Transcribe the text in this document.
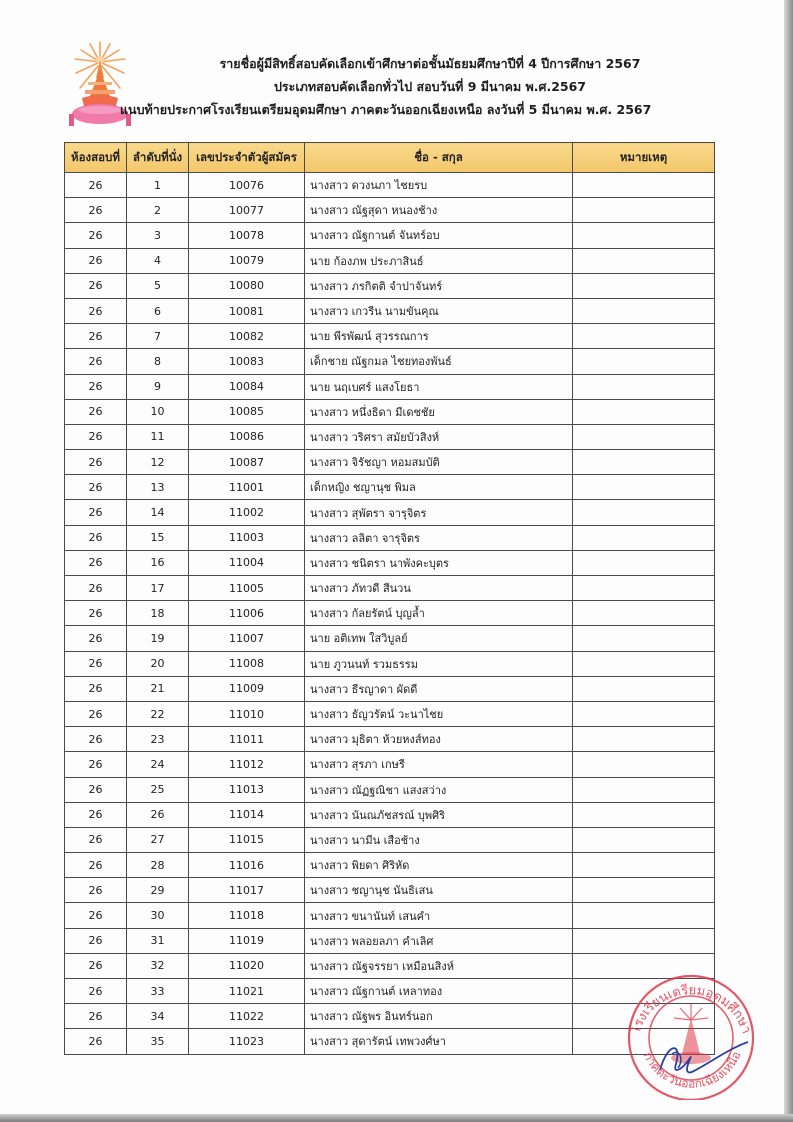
รายชื่อผู้มีสิทธิ์สอบคัดเลือกเข้าศึกษาต่อชั้นมัธยมศึกษาปีที่ 4 ปีการศึกษา 2567
ประเภทสอบคัดเลือกทั่วไป สอบวันที่ 9 มีนาคม พ.ศ.2567
แนบท้ายประกาศโรงเรียนเตรียมอุดมศึกษา ภาคตะวันออกเฉียงเหนือ ลงวันที่ 5 มีนาคม พ.ศ. 2567
ห้องสอบที่	ลำดับที่นั่ง	เลขประจำตัวผู้สมัคร	ชื่อ - สกุล	หมายเหตุ
26	1	10076	นางสาว ดวงนภา ไชยรบ	
26	2	10077	นางสาว ณัฐสุดา หนองช้าง	
26	3	10078	นางสาว ณัฐกานต์ จันทร์อบ	
26	4	10079	นาย ก้องภพ ประภาสินธ์	
26	5	10080	นางสาว ภรกิตติ จำปาจันทร์	
26	6	10081	นางสาว เกวรีน นามขันคุณ	
26	7	10082	นาย พีรพัฒน์ สุวรรณการ	
26	8	10083	เด็กชาย ณัฐกมล ไชยทองพันธ์	
26	9	10084	นาย นฤเบศร์ แสงโยธา	
26	10	10085	นางสาว หนึ่งธิดา มีเดชชัย	
26	11	10086	นางสาว วริศรา สมัยบัวสิงห์	
26	12	10087	นางสาว จิรัชญา หอมสมบัติ	
26	13	11001	เด็กหญิง ชญานุช พิมล	
26	14	11002	นางสาว สุพัตรา จารุจิตร	
26	15	11003	นางสาว ลลิตา จารุจิตร	
26	16	11004	นางสาว ชนิตรา นาพังคะบุตร	
26	17	11005	นางสาว ภัทวดี สีนวน	
26	18	11006	นางสาว กัลยรัตน์ บุญล้ำ	
26	19	11007	นาย อติเทพ ใสวิบูลย์	
26	20	11008	นาย ภูวนนท์ รวมธรรม	
26	21	11009	นางสาว ธีรญาดา ผัดดี	
26	22	11010	นางสาว ธัญวรัตน์ วะนาไชย	
26	23	11011	นางสาว มุธิตา ห้วยหงส์ทอง	
26	24	11012	นางสาว สุรภา เกษรี	
26	25	11013	นางสาว ณัฏฐณิชา แสงสว่าง	
26	26	11014	นางสาว นันณภัชสรณ์ บุพศิริ	
26	27	11015	นางสาว นามีน เสือช้าง	
26	28	11016	นางสาว พิยดา ศิริหัด	
26	29	11017	นางสาว ชญานุช นันธิเสน	
26	30	11018	นางสาว ขนานันท์ เสนคำ	
26	31	11019	นางสาว พลอยลภา คำเลิศ	
26	32	11020	นางสาว ณัฐจรรยา เหมือนสิงห์	
26	33	11021	นางสาว ณัฐกานต์ เหลาทอง	
26	34	11022	นางสาว ณัฐพร อินทร์นอก	
26	35	11023	นางสาว สุดารัตน์ เทพวงศ์ษา	
โรงเรียนเตรียมอุดมศึกษา
ภาคตะวันออกเฉียงเหนือ
